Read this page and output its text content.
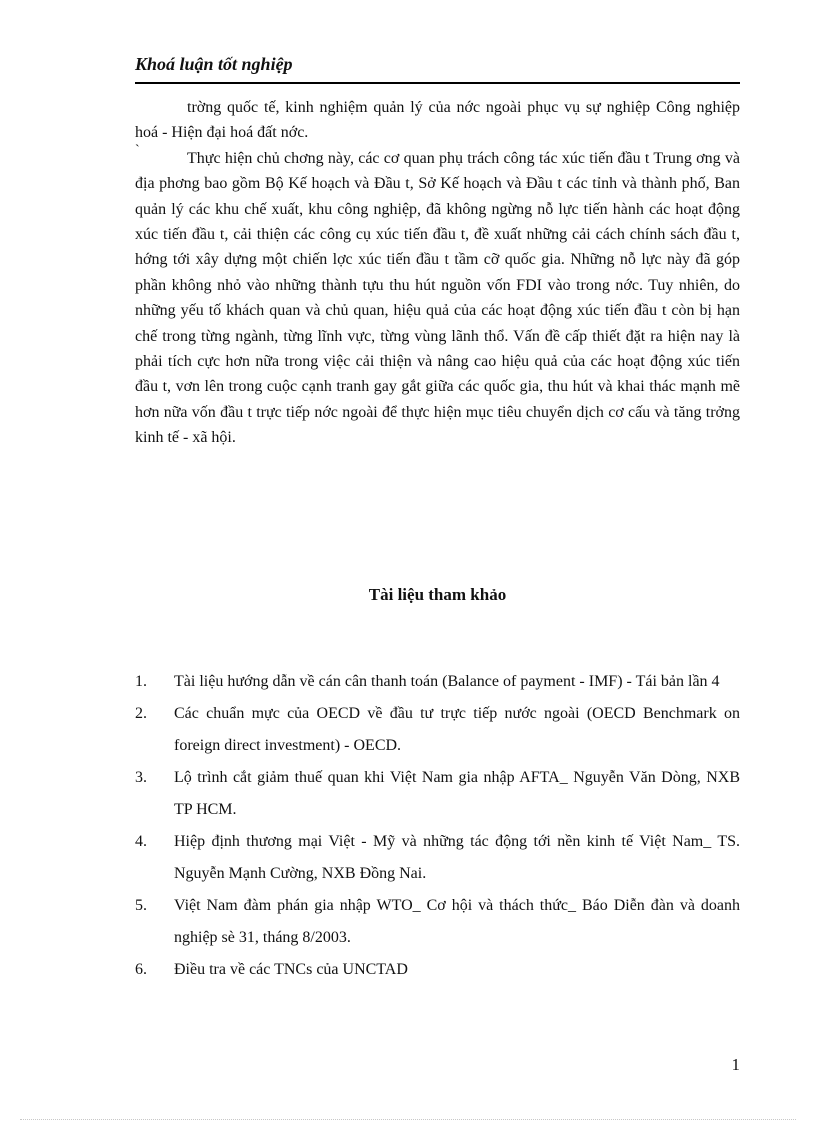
Khoá luận tốt nghiệp

trờng quốc tế, kinh nghiệm quản lý của nớc ngoài phục vụ sự nghiệp Công nghiệp hoá - Hiện đại hoá đất nớc.

Thực hiện chủ chơng này, các cơ quan phụ trách công tác xúc tiến đầu t Trung ơng và địa phơng bao gồm Bộ Kế hoạch và Đầu t, Sở Kế hoạch và Đầu t các tỉnh và thành phố, Ban quản lý các khu chế xuất, khu công nghiệp, đã không ngừng nỗ lực tiến hành các hoạt động xúc tiến đầu t, cải thiện các công cụ xúc tiến đầu t, đề xuất những cải cách chính sách đầu t, hớng tới xây dựng một chiến lợc xúc tiến đầu t tầm cỡ quốc gia. Những nỗ lực này đã góp phần không nhỏ vào những thành tựu thu hút nguồn vốn FDI vào trong nớc. Tuy nhiên, do những yếu tố khách quan và chủ quan, hiệu quả của các hoạt động xúc tiến đầu t còn bị hạn chế trong từng ngành, từng lĩnh vực, từng vùng lãnh thổ. Vấn đề cấp thiết đặt ra hiện nay là phải tích cực hơn nữa trong việc cải thiện và nâng cao hiệu quả của các hoạt động xúc tiến đầu t, vơn lên trong cuộc cạnh tranh gay gắt giữa các quốc gia, thu hút và khai thác mạnh mẽ hơn nữa vốn đầu t trực tiếp nớc ngoài để thực hiện mục tiêu chuyển dịch cơ cấu và tăng trởng kinh tế - xã hội.

`
Tài liệu tham khảo
1. Tài liệu hướng dẫn về cán cân thanh toán (Balance of payment - IMF) - Tái bản lần 4
2. Các chuẩn mực của OECD về đầu tư trực tiếp nước ngoài (OECD Benchmark on foreign direct investment) - OECD.
3. Lộ trình cắt giảm thuế quan khi Việt Nam gia nhập AFTA_ Nguyễn Văn Dòng, NXB TP HCM.
4. Hiệp định thương mại Việt - Mỹ và những tác động tới nền kinh tế Việt Nam_ TS. Nguyễn Mạnh Cường, NXB Đồng Nai.
5. Việt Nam đàm phán gia nhập WTO_ Cơ hội và thách thức_ Báo Diễn đàn và doanh nghiệp sè 31, tháng 8/2003.
6. Điều tra về các TNCs của UNCTAD
1
